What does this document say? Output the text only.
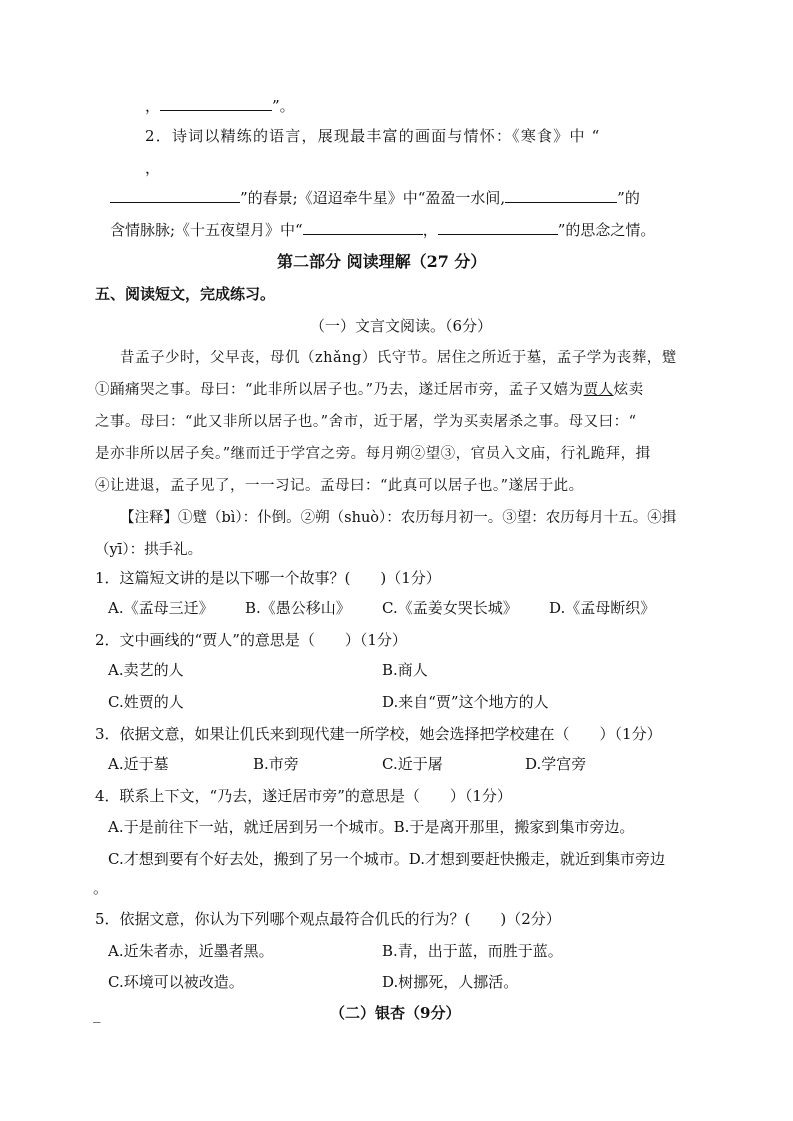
，	”。
2．诗词以精练的语言，展现最丰富的画面与情怀：《寒食》中 “
，
”的春景;《迢迢牵牛星》中“盈盈一水间,	”的
含情脉脉;《十五夜望月》中“	，	”的思念之情。
第二部分 阅读理解（27 分）
五、阅读短文，完成练习。
（一）文言文阅读。（6分）
昔孟子少时，父早丧，母仉（zhǎng）氏守节。居住之所近于墓，孟子学为丧葬，躄
①踊痛哭之事。母曰：“此非所以居子也。”乃去，遂迁居市旁，孟子又嬉为贾人炫卖
之事。母曰：“此又非所以居子也。”舍市，近于屠，学为买卖屠杀之事。母又曰：“
是亦非所以居子矣。”继而迁于学宫之旁。每月朔②望③，官员入文庙，行礼跪拜，揖
④让进退，孟子见了，一一习记。孟母曰：“此真可以居子也。”遂居于此。
【注释】①躄（bì）：仆倒。②朔（shuò）：农历每月初一。③望：农历每月十五。④揖
（yī）：拱手礼。
1．这篇短文讲的是以下哪一个故事？(　　)（1分）
A.《孟母三迁》 B.《愚公移山》 C.《孟姜女哭长城》 D.《孟母断织》
2．文中画线的“贾人”的意思是（　　）（1分）
A.卖艺的人	B.商人
C.姓贾的人	D.来自“贾”这个地方的人
3．依据文意，如果让仉氏来到现代建一所学校，她会选择把学校建在（　　）（1分）
A.近于墓	B.市旁	C.近于屠	D.学宫旁
4．联系上下文，“乃去，遂迁居市旁”的意思是（　　）（1分）
A.于是前往下一站，就迁居到另一个城市。B.于是离开那里，搬家到集市旁边。
C.才想到要有个好去处，搬到了另一个城市。D.才想到要赶快搬走，就近到集市旁边
。
5．依据文意，你认为下列哪个观点最符合仉氏的行为？(　　)（2分）
A.近朱者赤，近墨者黑。	B.青，出于蓝，而胜于蓝。
C.环境可以被改造。	D.树挪死，人挪活。
_	（二）银杏（9分）
